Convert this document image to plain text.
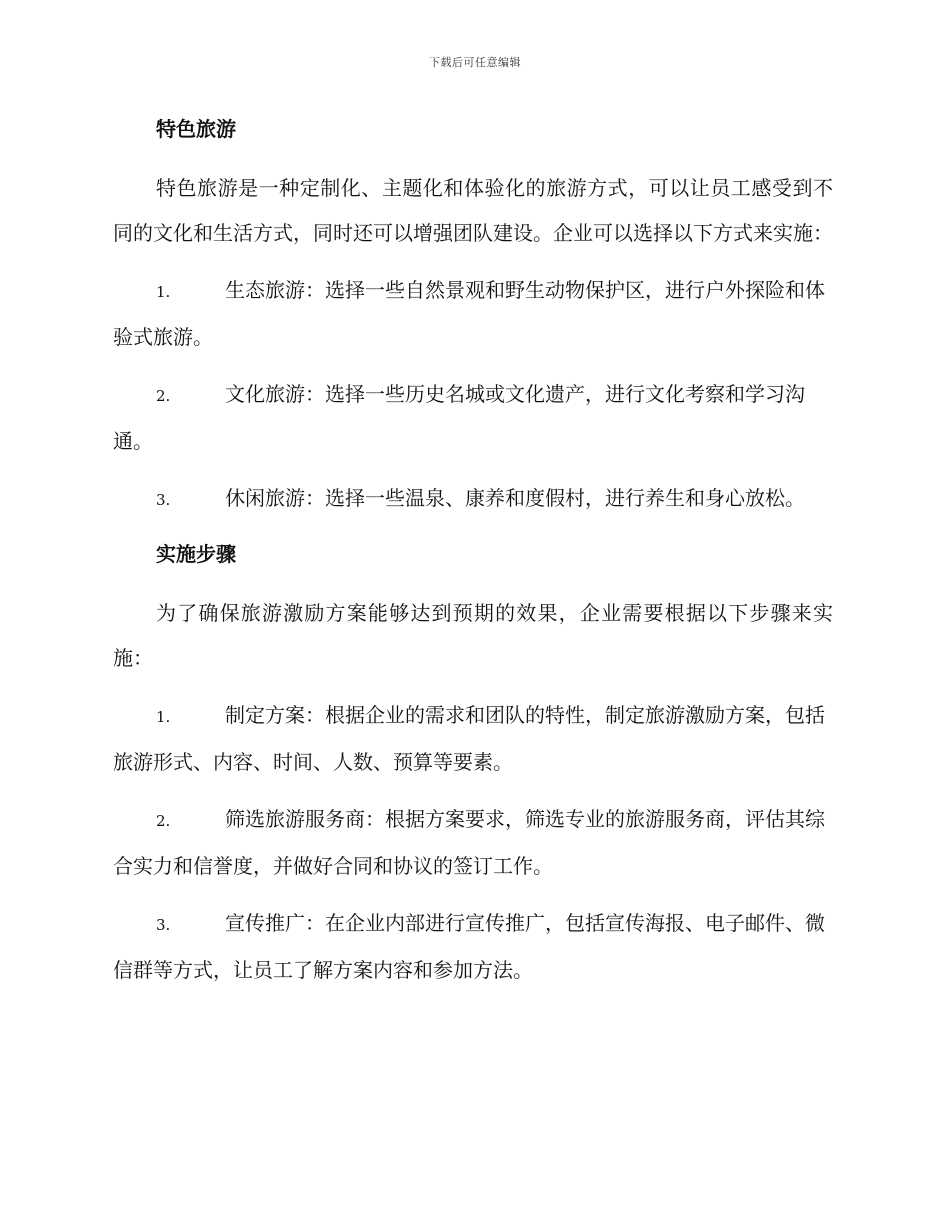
下载后可任意编辑
特色旅游

特色旅游是一种定制化、主题化和体验化的旅游方式，可以让员工感受到不同的文化和生活方式，同时还可以增强团队建设。企业可以选择以下方式来实施：

1.	生态旅游：选择一些自然景观和野生动物保护区，进行户外探险和体验式旅游。

2.	文化旅游：选择一些历史名城或文化遗产，进行文化考察和学习沟通。

3.	休闲旅游：选择一些温泉、康养和度假村，进行养生和身心放松。

实施步骤

为了确保旅游激励方案能够达到预期的效果，企业需要根据以下步骤来实施：

1.	制定方案：根据企业的需求和团队的特性，制定旅游激励方案，包括旅游形式、内容、时间、人数、预算等要素。

2.	筛选旅游服务商：根据方案要求，筛选专业的旅游服务商，评估其综合实力和信誉度，并做好合同和协议的签订工作。

3.	宣传推广：在企业内部进行宣传推广，包括宣传海报、电子邮件、微信群等方式，让员工了解方案内容和参加方法。
